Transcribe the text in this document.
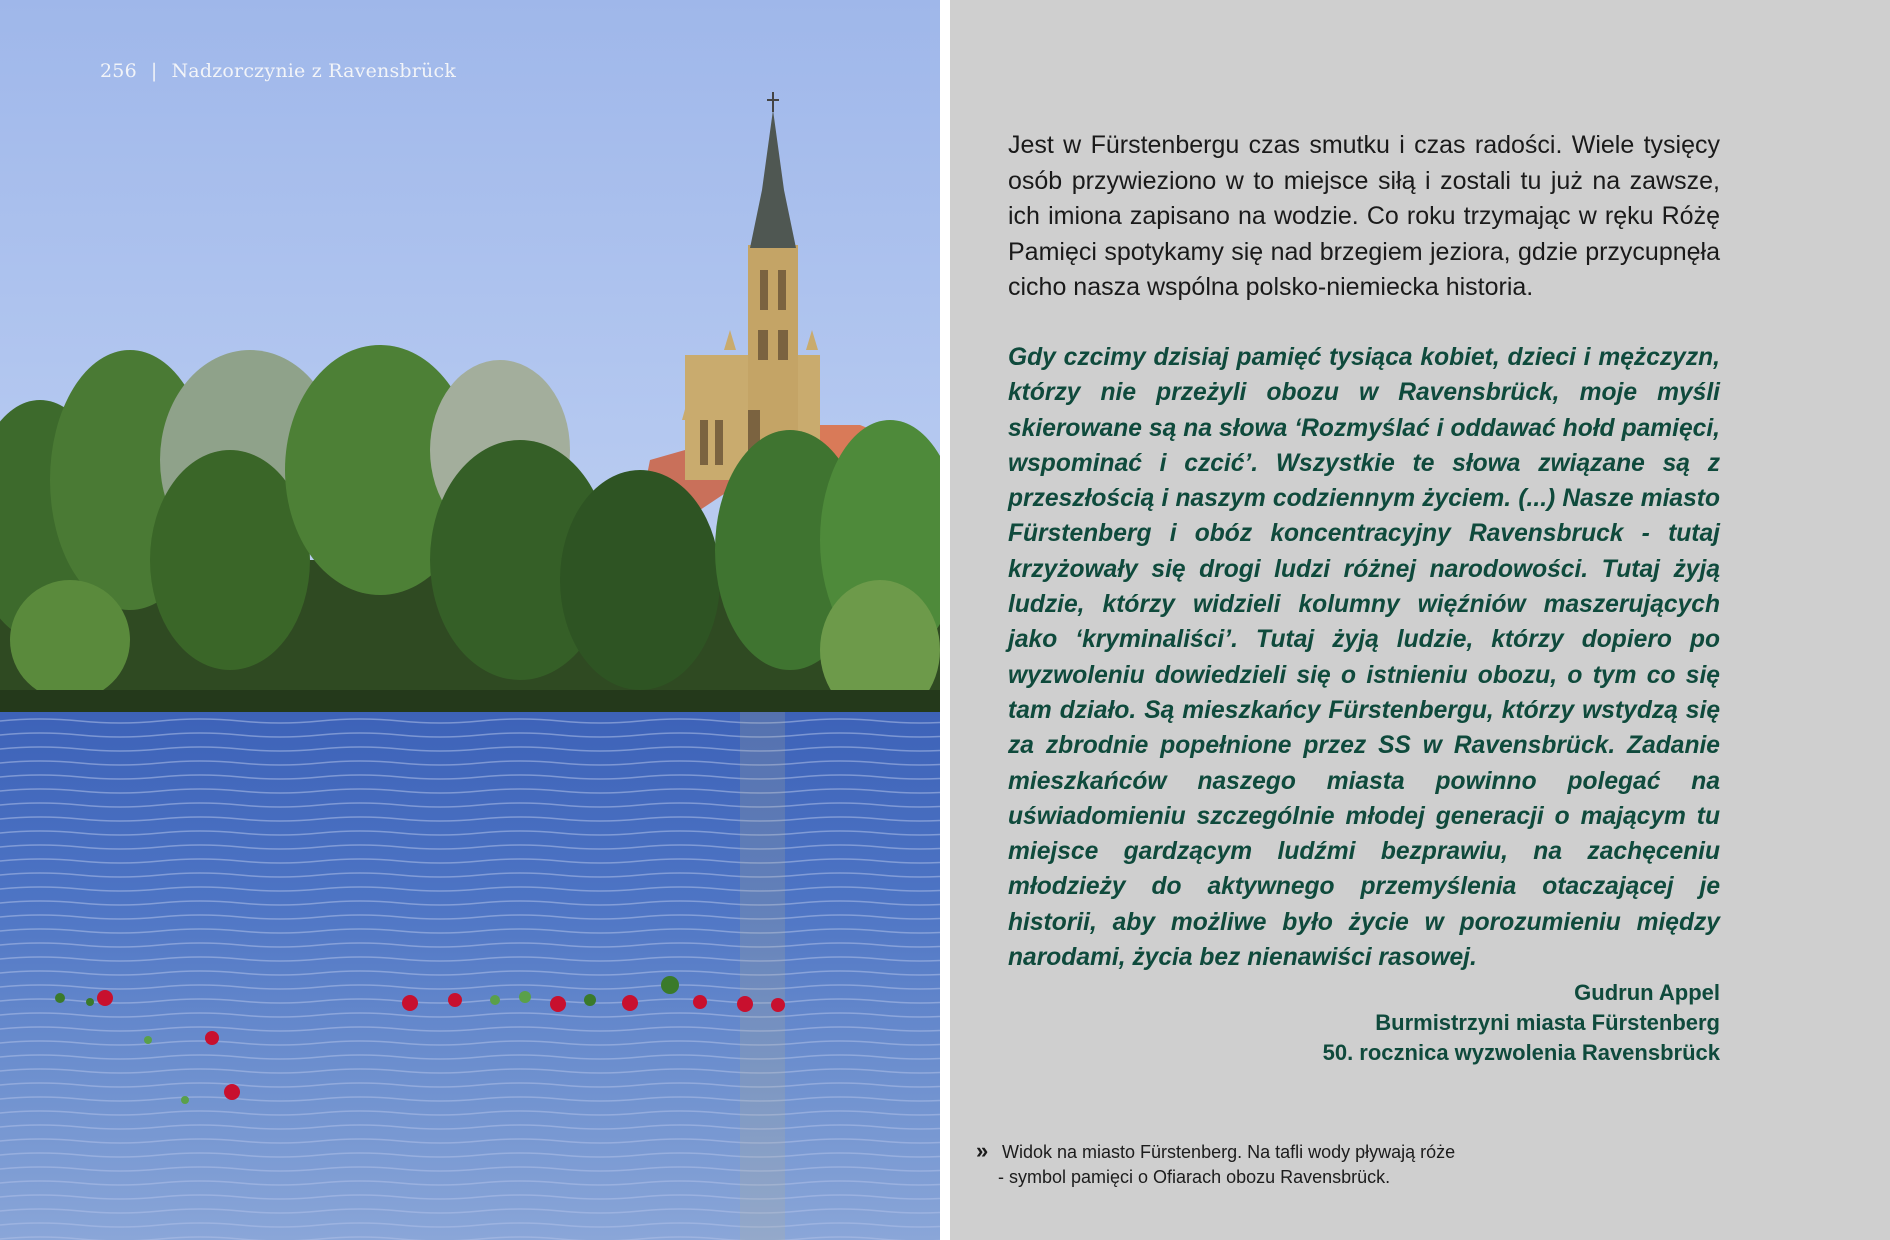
256 | Nadzorczynie z Ravensbrück

Jest w Fürstenbergu czas smutku i czas radości. Wiele tysięcy osób przywieziono w to miejsce siłą i zostali tu już na zawsze, ich imiona zapisano na wodzie. Co roku trzymając w ręku Różę Pamięci spotykamy się nad brzegiem jeziora, gdzie przycupnęła cicho nasza wspólna polsko-niemiecka historia.

Gdy czcimy dzisiaj pamięć tysiąca kobiet, dzieci i mężczyzn, którzy nie przeżyli obozu w Ravensbrück, moje myśli skierowane są na słowa ‘Rozmyślać i oddawać hołd pamięci, wspominać i czcić’. Wszystkie te słowa związane są z przeszłością i naszym codziennym życiem. (...) Nasze miasto Fürstenberg i obóz koncentracyjny Ravensbruck - tutaj krzyżowały się drogi ludzi różnej narodowości. Tutaj żyją ludzie, którzy widzieli kolumny więźniów maszerujących jako ‘kryminaliści’. Tutaj żyją ludzie, którzy dopiero po wyzwoleniu dowiedzieli się o istnieniu obozu, o tym co się tam działo. Są mieszkańcy Fürstenbergu, którzy wstydzą się za zbrodnie popełnione przez SS w Ravensbrück. Zadanie mieszkańców naszego miasta powinno polegać na uświadomieniu szczególnie młodej generacji o mającym tu miejsce gardzącym ludźmi bezprawiu, na zachęceniu młodzieży do aktywnego przemyślenia otaczającej je historii, aby możliwe było życie w porozumieniu między narodami, życia bez nienawiści rasowej.

Gudrun Appel
Burmistrzyni miasta Fürstenberg
50. rocznica wyzwolenia Ravensbrück
» Widok na miasto Fürstenberg. Na tafli wody pływają róże
- symbol pamięci o Ofiarach obozu Ravensbrück.
